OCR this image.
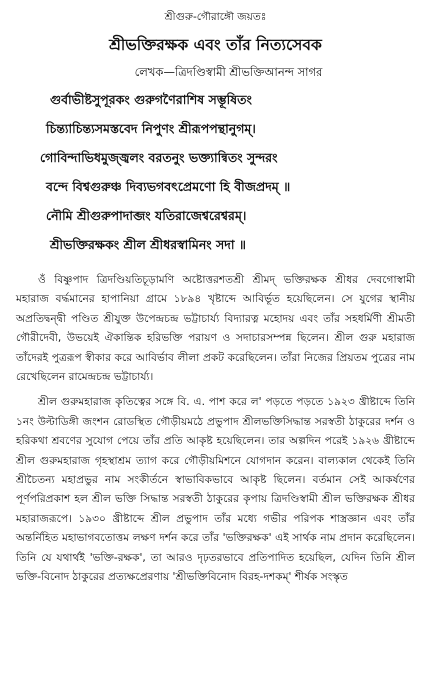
শ্রীগুরু-গৌরাঙ্গৌ জয়তঃ
শ্রীভক্তিরক্ষক এবং তাঁর নিত্যসেবক
লেখক—ত্রিদণ্ডিস্বামী শ্রীভক্তিআনন্দ সাগর
গুর্বাভীষ্টসুপূরকং গুরুগণৈরাশিষ সম্ভূষিতং
চিন্ত্যাচিন্ত্যসমস্তবেদ নিপুণং শ্রীরূপপন্থানুগম্।
গোবিন্দাভিধমুজ্জ্বলং বরতনুং ভক্ত্যান্বিতং সুন্দরং
বন্দে বিশ্বগুরুঞ্চ দিব্যভগবৎপ্রেমণো হি বীজপ্রদম্ ॥
নৌমি শ্রীগুরুপাদাব্জং যতিরাজেশ্বরেশ্বরম্।
শ্রীভক্তিরক্ষকং শ্রীল শ্রীধরস্বামিনং সদা ॥

ওঁ বিষ্ণুপাদ ত্রিদণ্ডিয়তিচূড়ামণি অষ্টোত্তরশতশ্রী শ্রীমদ্ ভক্তিরক্ষক শ্রীধর দেবগোস্বামী মহারাজ বর্দ্ধমানের হাপানিয়া গ্রামে ১৮৯৪ খৃষ্টাব্দে আবির্ভূত হয়েছিলেন। সে যুগের স্থানীয় অপ্রতিদ্বন্দ্বী পণ্ডিত শ্রীযুক্ত উপেন্দ্রচন্দ্র ভট্টাচার্য্য বিদ্যারত্ন মহোদয় এবং তাঁর সহধর্মিণী শ্রীমতী গৌরীদেবী, উভয়েই ঐকান্তিক হরিভক্তি পরায়ণ ও সদাচারসম্পন্ন ছিলেন। শ্রীল গুরু মহারাজ তাঁদেরই পুত্ররূপ স্বীকার করে আবির্ভাব লীলা প্রকট করেছিলেন। তাঁরা নিজের প্রিয়তম পুত্রের নাম রেখেছিলেন রামেন্দ্রচন্দ্র ভট্টাচার্য্য।

শ্রীল গুরুমহারাজ কৃতিত্বের সঙ্গে বি. এ. পাশ করে ল' পড়তে পড়তে ১৯২৩ খ্রীষ্টাব্দে তিনি ১নং উল্টাডিঙ্গী জংশন রোডস্থিত গৌড়ীয়মঠে প্রভুপাদ শ্রীলভক্তিসিদ্ধান্ত সরস্বতী ঠাকুরের দর্শন ও হরিকথা শ্রবণের সুযোগ পেয়ে তাঁর প্রতি আকৃষ্ট হয়েছিলেন। তার অল্পদিন পরেই ১৯২৬ খ্রীষ্টাব্দে শ্রীল গুরুমহারাজ গৃহস্থাশ্রম ত্যাগ করে গৌড়ীয়মিশনে যোগদান করেন। বাল্যকাল থেকেই তিনি শ্রীচৈতন্য মহাপ্রভুর নাম সংকীর্তনে স্বাভাবিকভাবে আকৃষ্ট ছিলেন। বর্তমান সেই আকর্ষণের পূর্ণপরিপ্রকাশ হল শ্রীল ভক্তি সিদ্ধান্ত সরস্বতী ঠাকুরের কৃপায় ত্রিদণ্ডিস্বামী শ্রীল ভক্তিরক্ষক শ্রীধর মহারাজরূপে। ১৯৩০ খ্রীষ্টাব্দে শ্রীল প্রভুপাদ তাঁর মধ্যে গভীর পরিপক শাস্ত্রজ্ঞান এবং তাঁর অন্তর্নিহিত মহাভাগবতোত্তম লক্ষণ দর্শন করে তাঁর 'ভক্তিরক্ষক' এই সার্থক নাম প্রদান করেছিলেন। তিনি যে যথার্থই 'ভক্তি-রক্ষক', তা আরও দৃঢ়তরভাবে প্রতিপাদিত হয়েছিল, যেদিন তিনি শ্রীল ভক্তি-বিনোদ ঠাকুরের প্রত্যক্ষপ্রেরণায় 'শ্রীভক্তিবিনোদ বিরহ-দশকম্' শীর্ষক সংস্কৃত
